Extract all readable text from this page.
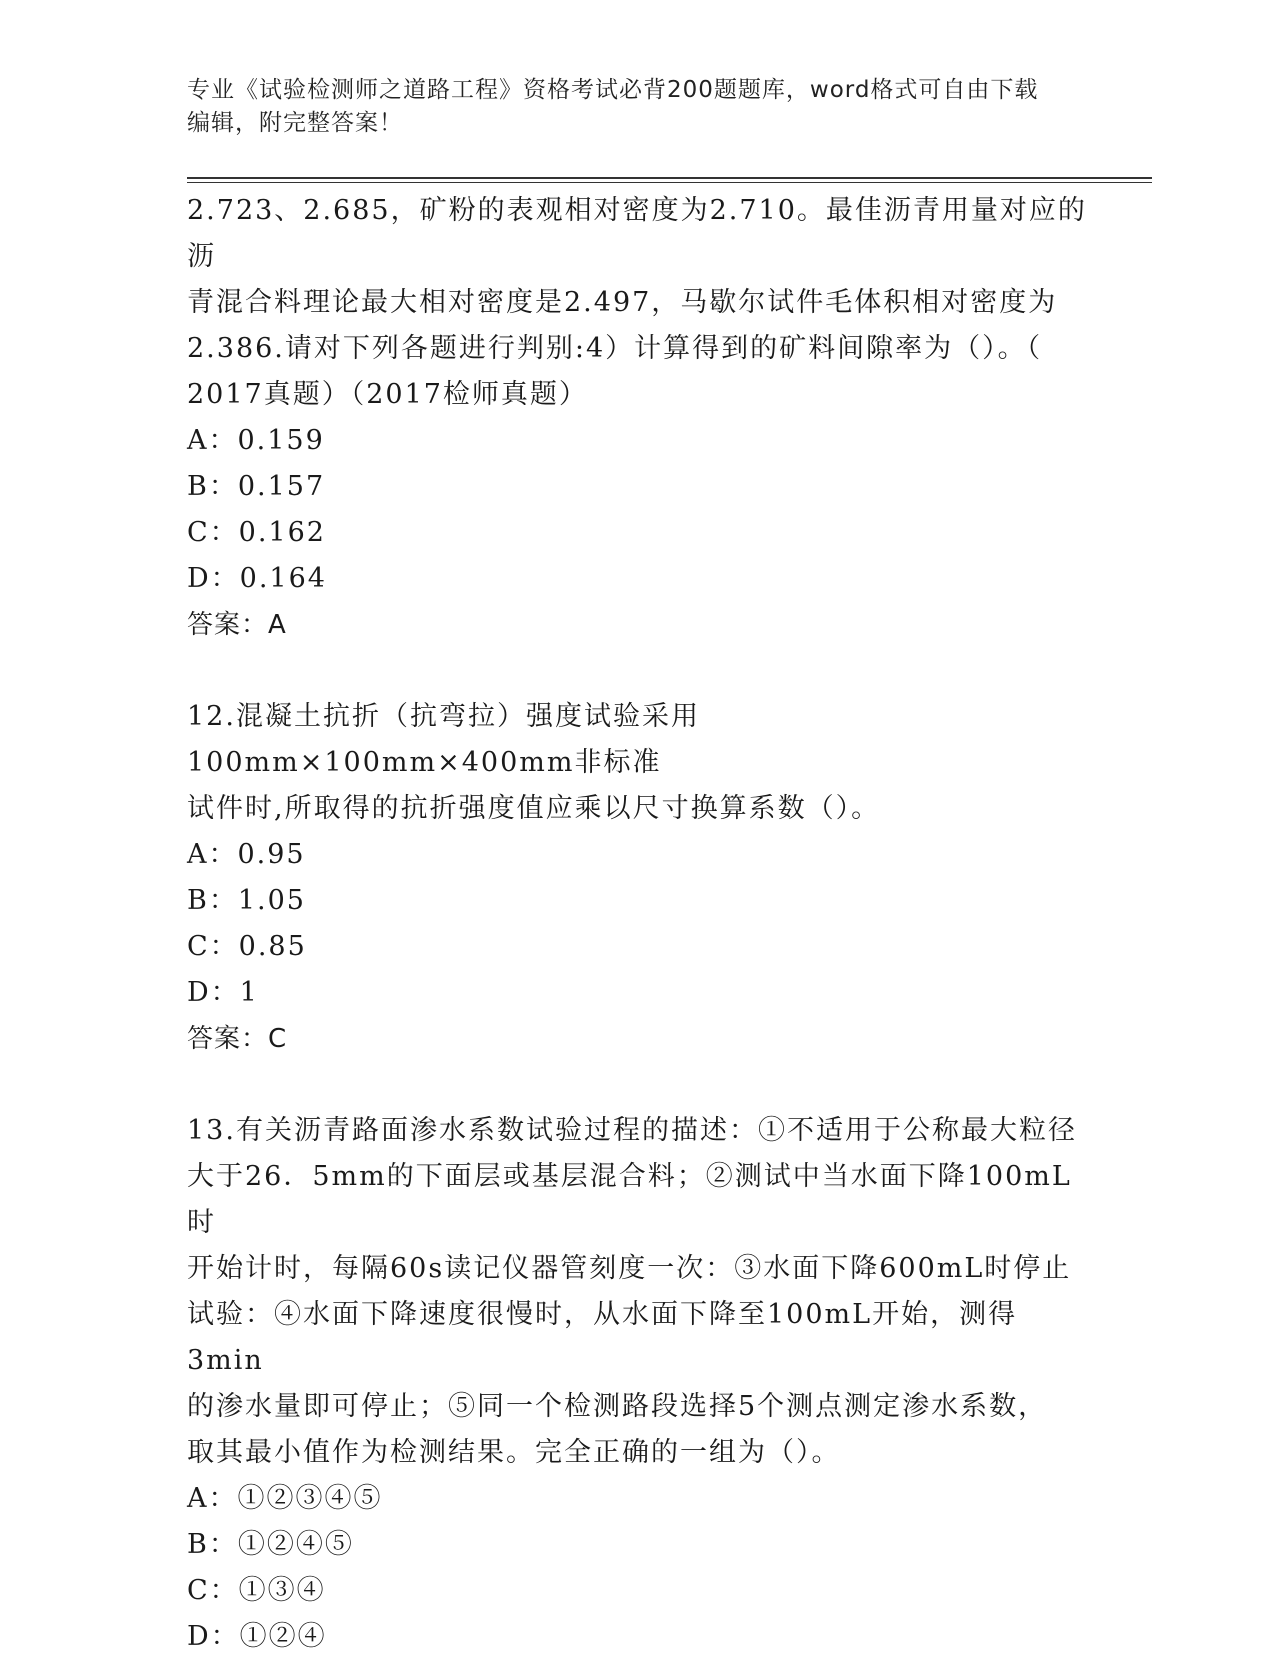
专业《试验检测师之道路工程》资格考试必背200题题库，word格式可自由下载
编辑，附完整答案！
2.723、2.685，矿粉的表观相对密度为2.710。最佳沥青用量对应的沥
青混合料理论最大相对密度是2.497，马歇尔试件毛体积相对密度为
2.386.请对下列各题进行判别:4）计算得到的矿料间隙率为（）。（
2017真题）（2017检师真题）
A：0.159
B：0.157
C：0.162
D：0.164
答案：A
12.混凝土抗折（抗弯拉）强度试验采用100mm×100mm×400mm非标准
试件时,所取得的抗折强度值应乘以尺寸换算系数（）。
A：0.95
B：1.05
C：0.85
D：1
答案：C
13.有关沥青路面渗水系数试验过程的描述：①不适用于公称最大粒径
大于26．5mm的下面层或基层混合料；②测试中当水面下降100mL时
开始计时，每隔60s读记仪器管刻度一次：③水面下降600mL时停止
试验：④水面下降速度很慢时，从水面下降至100mL开始，测得3min
的渗水量即可停止；⑤同一个检测路段选择5个测点测定渗水系数，
取其最小值作为检测结果。完全正确的一组为（）。
A：①②③④⑤
B：①②④⑤
C：①③④
D：①②④
